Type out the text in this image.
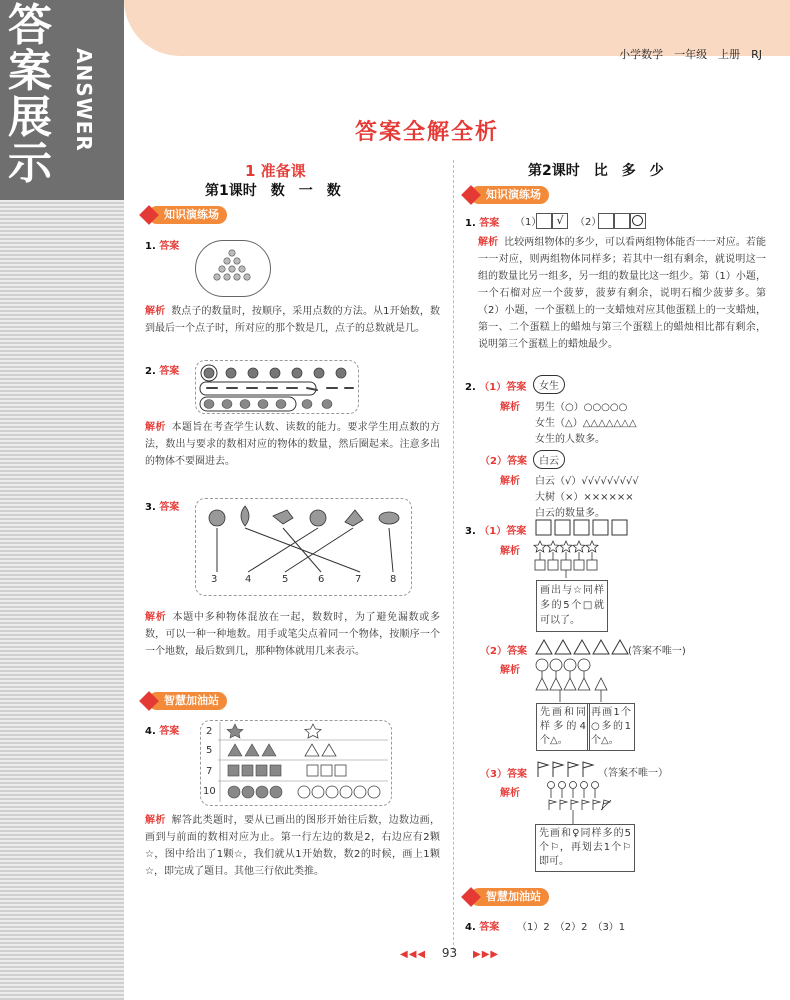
答
案
展
示
小学数学　一年级　上册　RJ
答案全解全析
1 准备课
第1课时　数　一　数
知识演练场
1. 答案
解析 数点子的数量时，按顺序，采用点数的方法。从1开始数，数到最后一个点子时，所对应的那个数是几，点子的总数就是几。
2. 答案
解析 本题旨在考查学生认数、读数的能力。要求学生用点数的方法，数出与要求的数相对应的物体的数量，然后圈起来。注意多出的物体不要圈进去。
3. 答案
3	4	5	6	7	8
解析 本题中多种物体混放在一起，数数时，为了避免漏数或多数，可以一种一种地数。用手或笔尖点着同一个物体，按顺序一个一个地数，最后数到几，那种物体就用几来表示。
智慧加油站
4. 答案	2
5
7
10
解析 解答此类题时，要从已画出的图形开始往后数，边数边画，画到与前面的数相对应为止。第一行左边的数是2，右边应有2颗☆，图中给出了1颗☆，我们就从1开始数，数2的时候，画上1颗☆，即完成了题目。其他三行依此类推。
第2课时　比　多　少
知识演练场
1. 答案 （1）	√	（2）
解析 比较两组物体的多少，可以看两组物体能否一一对应。若能一一对应，则两组物体同样多；若其中一组有剩余，就说明这一组的数量比另一组多，另一组的数量比这一组少。第（1）小题，一个石榴对应一个菠萝，菠萝有剩余，说明石榴少菠萝多。第（2）小题，一个蛋糕上的一支蜡烛对应其他蛋糕上的一支蜡烛，第一、二个蛋糕上的蜡烛与第三个蛋糕上的蜡烛相比都有剩余，说明第三个蛋糕上的蜡烛最少。
2. （1）答案	女生
解析 男生（○）○○○○○
女生（△）△△△△△△△
女生的人数多。
（2）答案	白云
解析 白云（√）√√√√√√√√√
大树（×）××××××
白云的数量多。
3. （1）答案
解析
画出与☆同样多的5个□就可以了。
（2）答案	(答案不唯一)
解析
先画和同样多的4个△。
再画1个○多的1个△。
（3）答案	（答案不唯一）
解析
先画和♀同样多的5个⚐，再划去1个⚐即可。
智慧加油站
4. 答案 （1）2　（2）2　（3）1
◀◀◀ 93 ▶▶▶
